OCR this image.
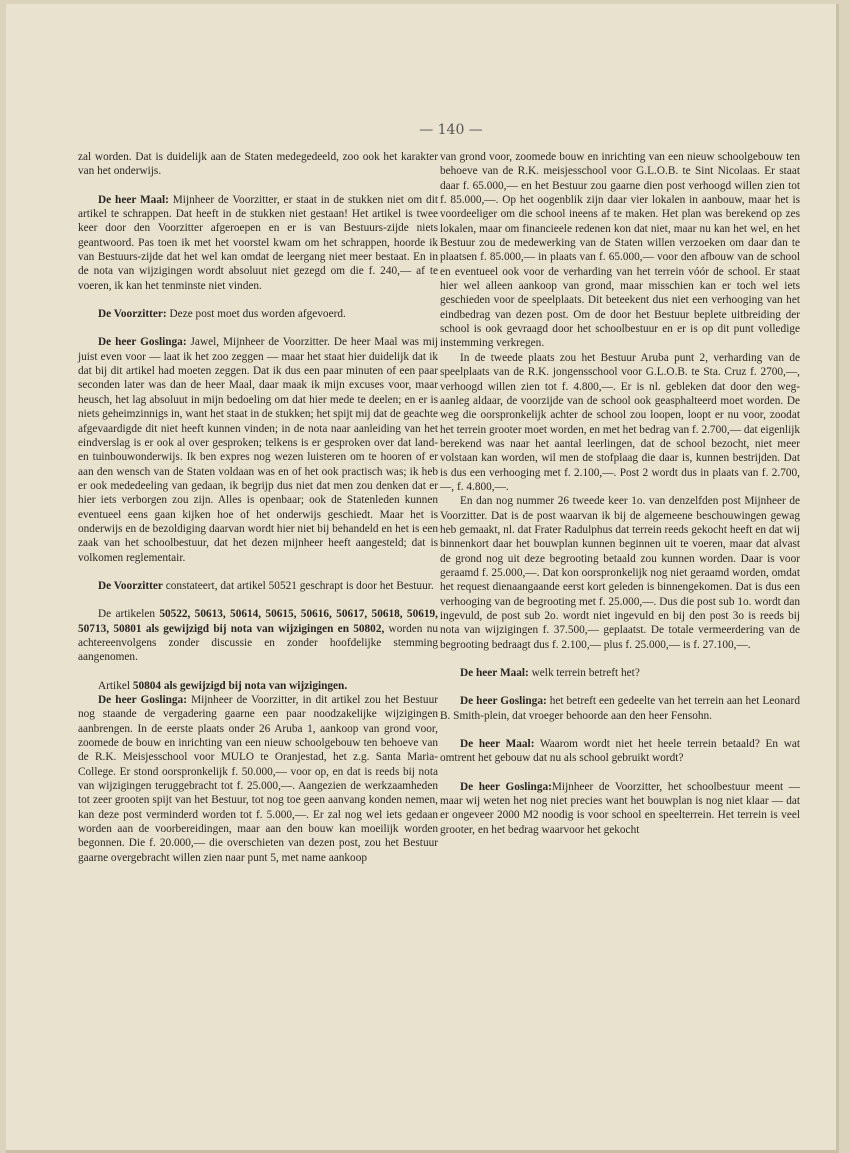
— 140 —

zal worden. Dat is duidelijk aan de Staten medegedeeld, zoo ook het karakter van het onderwijs.

De heer Maal: Mijnheer de Voorzitter, er staat in de stukken niet om dit artikel te schrappen. Dat heeft in de stukken niet gestaan! Het artikel is twee keer door den Voorzitter afgeroepen en er is van Bestuurs-zijde niets geantwoord. Pas toen ik met het voorstel kwam om het schrappen, hoorde ik van Bestuurs-zijde dat het wel kan omdat de leergang niet meer bestaat. En in de nota van wijzigingen wordt absoluut niet gezegd om die f. 240,— af te voeren, ik kan het tenminste niet vinden.

De Voorzitter: Deze post moet dus worden afgevoerd.

De heer Goslinga: Jawel, Mijnheer de Voorzitter. De heer Maal was mij juist even voor — laat ik het zoo zeggen — maar het staat hier duidelijk dat ik dat bij dit artikel had moeten zeggen. Dat ik dus een paar minuten of een paar seconden later was dan de heer Maal, daar maak ik mijn excuses voor, maar heusch, het lag absoluut in mijn bedoeling om dat hier mede te deelen; en er is niets geheimzinnigs in, want het staat in de stukken; het spijt mij dat de geachte afgevaardigde dit niet heeft kunnen vinden; in de nota naar aanleiding van het eindverslag is er ook al over gesproken; telkens is er gesproken over dat land- en tuinbouwonderwijs. Ik ben expres nog wezen luisteren om te hooren of er aan den wensch van de Staten voldaan was en of het ook practisch was; ik heb er ook mededeeling van gedaan, ik begrijp dus niet dat men zou denken dat er hier iets verborgen zou zijn. Alles is openbaar; ook de Statenleden kunnen eventueel eens gaan kijken hoe of het onderwijs geschiedt. Maar het is onderwijs en de bezoldiging daarvan wordt hier niet bij behandeld en het is een zaak van het schoolbestuur, dat het dezen mijnheer heeft aangesteld; dat is volkomen reglementair.

De Voorzitter constateert, dat artikel 50521 geschrapt is door het Bestuur.

De artikelen 50522, 50613, 50614, 50615, 50616, 50617, 50618, 50619, 50713, 50801 als gewijzigd bij nota van wijzigingen en 50802, worden nu achtereenvolgens zonder discussie en zonder hoofdelijke stemming aangenomen.

Artikel 50804 als gewijzigd bij nota van wijzigingen.

De heer Goslinga: Mijnheer de Voorzitter, in dit artikel zou het Bestuur nog staande de vergadering gaarne een paar noodzakelijke wijzigingen aanbrengen. In de eerste plaats onder 26 Aruba 1, aankoop van grond voor, zoomede de bouw en inrichting van een nieuw schoolgebouw ten behoeve van de R.K. Meisjesschool voor MULO te Oranjestad, het z.g. Santa Maria-College. Er stond oorspronkelijk f. 50.000,— voor op, en dat is reeds bij nota van wijzigingen teruggebracht tot f. 25.000,—. Aangezien de werkzaamheden tot zeer grooten spijt van het Bestuur, tot nog toe geen aanvang konden nemen, kan deze post verminderd worden tot f. 5.000,—. Er zal nog wel iets gedaan worden aan de voorbereidingen, maar aan den bouw kan moeilijk worden begonnen. Die f. 20.000,— die overschieten van dezen post, zou het Bestuur gaarne overgebracht willen zien naar punt 5, met name aankoop

van grond voor, zoomede bouw en inrichting van een nieuw schoolgebouw ten behoeve van de R.K. meisjesschool voor G.L.O.B. te Sint Nicolaas. Er staat daar f. 65.000,— en het Bestuur zou gaarne dien post verhoogd willen zien tot f. 85.000,—. Op het oogenblik zijn daar vier lokalen in aanbouw, maar het is voordeeliger om die school ineens af te maken. Het plan was berekend op zes lokalen, maar om financieele redenen kon dat niet, maar nu kan het wel, en het Bestuur zou de medewerking van de Staten willen verzoeken om daar dan te plaatsen f. 85.000,— in plaats van f. 65.000,— voor den afbouw van de school en eventueel ook voor de verharding van het terrein vóór de school. Er staat hier wel alleen aankoop van grond, maar misschien kan er toch wel iets geschieden voor de speelplaats. Dit beteekent dus niet een verhooging van het eindbedrag van dezen post. Om de door het Bestuur beplete uitbreiding der school is ook gevraagd door het schoolbestuur en er is op dit punt volledige instemming verkregen.

In de tweede plaats zou het Bestuur Aruba punt 2, verharding van de speelplaats van de R.K. jongensschool voor G.L.O.B. te Sta. Cruz f. 2700,—, verhoogd willen zien tot f. 4.800,—. Er is nl. gebleken dat door den weg-aanleg aldaar, de voorzijde van de school ook geasphalteerd moet worden. De weg die oorspronkelijk achter de school zou loopen, loopt er nu voor, zoodat het terrein grooter moet worden, en met het bedrag van f. 2.700,— dat eigenlijk berekend was naar het aantal leerlingen, dat de school bezocht, niet meer volstaan kan worden, wil men de stofplaag die daar is, kunnen bestrijden. Dat is dus een verhooging met f. 2.100,—. Post 2 wordt dus in plaats van f. 2.700,—, f. 4.800,—.

En dan nog nummer 26 tweede keer 1o. van denzelfden post Mijnheer de Voorzitter. Dat is de post waarvan ik bij de algemeene beschouwingen gewag heb gemaakt, nl. dat Frater Radulphus dat terrein reeds gekocht heeft en dat wij binnenkort daar het bouwplan kunnen beginnen uit te voeren, maar dat alvast de grond nog uit deze begrooting betaald zou kunnen worden. Daar is voor geraamd f. 25.000,—. Dat kon oorspronkelijk nog niet geraamd worden, omdat het request dienaangaande eerst kort geleden is binnengekomen. Dat is dus een verhooging van de begrooting met f. 25.000,—. Dus die post sub 1o. wordt dan ingevuld, de post sub 2o. wordt niet ingevuld en bij den post 3o is reeds bij nota van wijzigingen f. 37.500,— geplaatst. De totale vermeerdering van de begrooting bedraagt dus f. 2.100,— plus f. 25.000,— is f. 27.100,—.

De heer Maal: welk terrein betreft het?

De heer Goslinga: het betreft een gedeelte van het terrein aan het Leonard B. Smith-plein, dat vroeger behoorde aan den heer Fensohn.

De heer Maal: Waarom wordt niet het heele terrein betaald? En wat omtrent het gebouw dat nu als school gebruikt wordt?

De heer Goslinga:Mijnheer de Voorzitter, het schoolbestuur meent — maar wij weten het nog niet precies want het bouwplan is nog niet klaar — dat er ongeveer 2000 M2 noodig is voor school en speelterrein. Het terrein is veel grooter, en het bedrag waarvoor het gekocht
